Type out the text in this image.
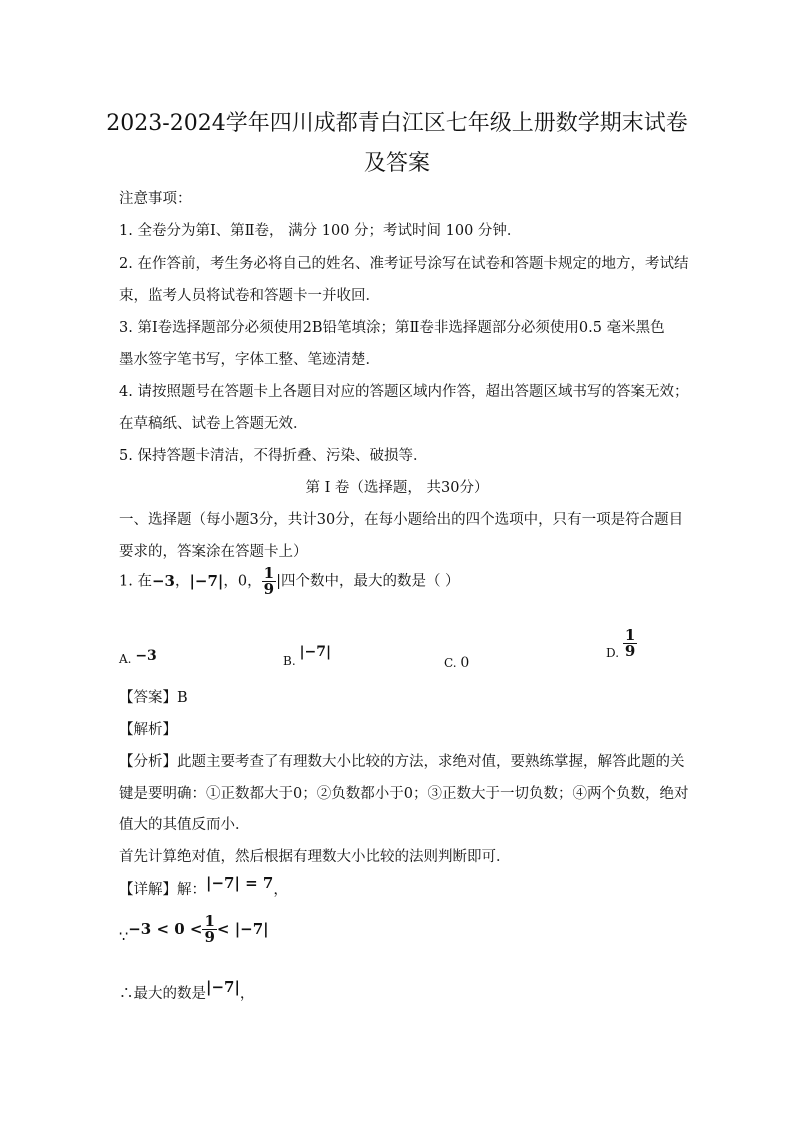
2023-2024学年四川成都青白江区七年级上册数学期末试卷
及答案
注意事项：
1. 全卷分为第Ⅰ、第Ⅱ卷， 满分 100 分；考试时间 100 分钟．
2. 在作答前，考生务必将自己的姓名、准考证号涂写在试卷和答题卡规定的地方，考试结
束，监考人员将试卷和答题卡一并收回．
3. 第Ⅰ卷选择题部分必须使用2B铅笔填涂；第Ⅱ卷非选择题部分必须使用0.5 毫米黑色
墨水签字笔书写，字体工整、笔迹清楚．
4. 请按照题号在答题卡上各题目对应的答题区域内作答，超出答题区域书写的答案无效；
在草稿纸、试卷上答题无效．
5. 保持答题卡清洁，不得折叠、污染、破损等．
第 Ⅰ 卷（选择题， 共30分）
一、选择题（每小题3分，共计30分，在每小题给出的四个选项中，只有一项是符合题目
要求的，答案涂在答题卡上）
1. 在−3，|−7|，0， $\frac{1}{9}$ |四个数中，最大的数是（ ）
A. −3	B. |−7|
C. 0
D. $\frac{1}{9}$
【答案】B
【解析】
【分析】此题主要考查了有理数大小比较的方法，求绝对值，要熟练掌握，解答此题的关
键是要明确：①正数都大于0；②负数都小于0；③正数大于一切负数；④两个负数，绝对
值大的其值反而小．
首先计算绝对值，然后根据有理数大小比较的法则判断即可．
【详解】解：|−7| = 7，
∵−3 < $0 < \frac{1}{9} < |-7|$
∴最大的数是|−7|，
